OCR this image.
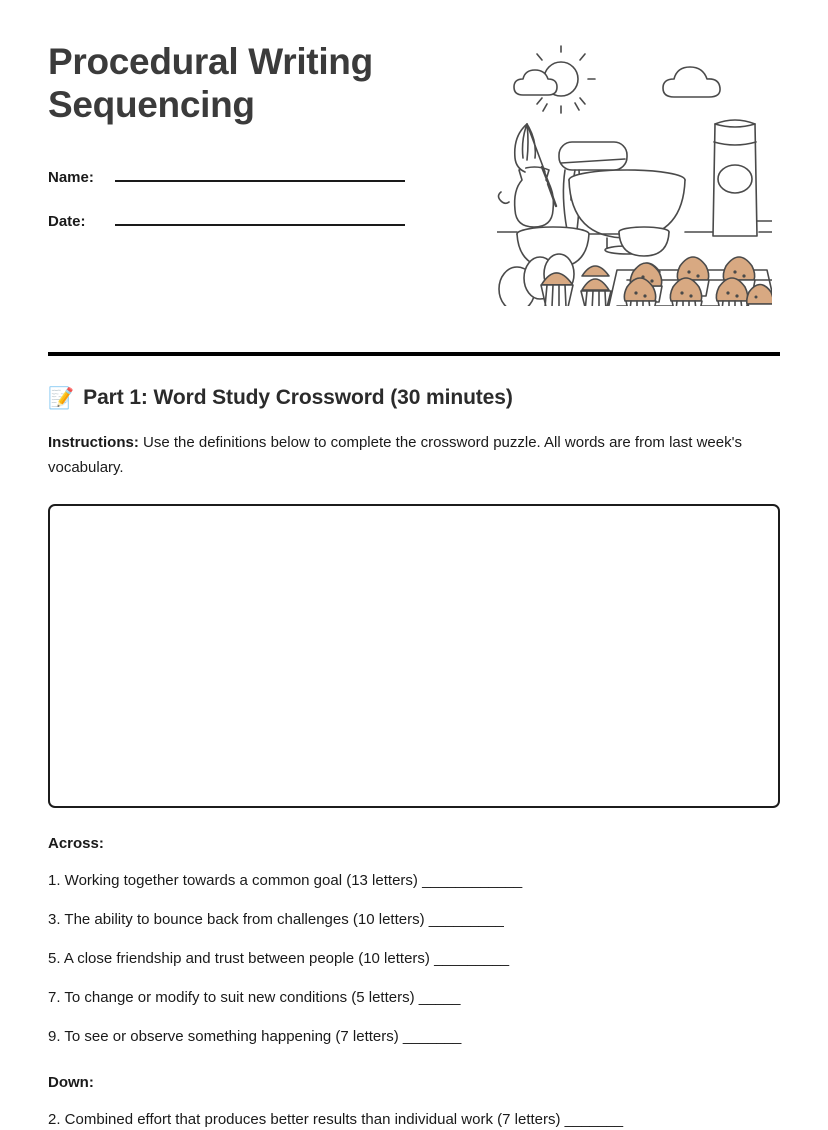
Procedural Writing Sequencing
Name:
Date:
📝 Part 1: Word Study Crossword (30 minutes)

Instructions: Use the definitions below to complete the crossword puzzle. All words are from last week's vocabulary.

Across:
1. Working together towards a common goal (13 letters) ____________
3. The ability to bounce back from challenges (10 letters) _________
5. A close friendship and trust between people (10 letters) _________
7. To change or modify to suit new conditions (5 letters) _____
9. To see or observe something happening (7 letters) _______
Down:
2. Combined effort that produces better results than individual work (7 letters) _______
